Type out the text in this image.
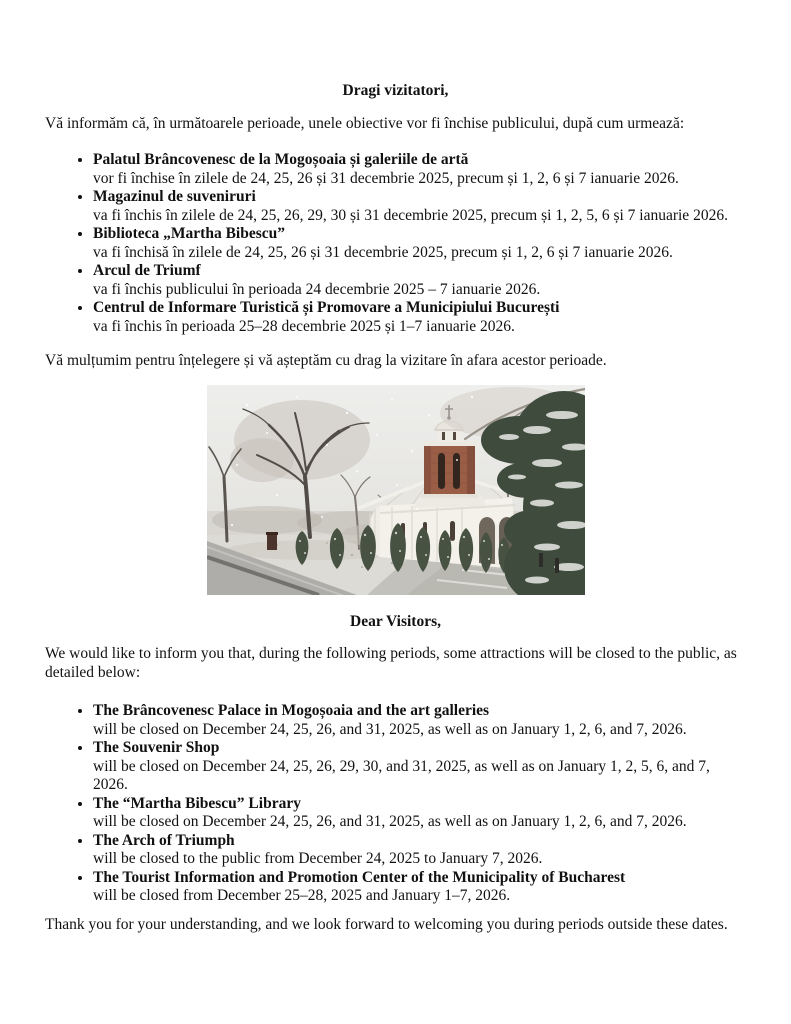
Dragi vizitatori,
Vă informăm că, în următoarele perioade, unele obiective vor fi închise publicului, după cum urmează:
• Palatul Brâncovenesc de la Mogoșoaia și galeriile de artă
vor fi închise în zilele de 24, 25, 26 și 31 decembrie 2025, precum și 1, 2, 6 și 7 ianuarie 2026.
• Magazinul de suveniruri
va fi închis în zilele de 24, 25, 26, 29, 30 și 31 decembrie 2025, precum și 1, 2, 5, 6 și 7 ianuarie 2026.
• Biblioteca „Martha Bibescu”
va fi închisă în zilele de 24, 25, 26 și 31 decembrie 2025, precum și 1, 2, 6 și 7 ianuarie 2026.
• Arcul de Triumf
va fi închis publicului în perioada 24 decembrie 2025 – 7 ianuarie 2026.
• Centrul de Informare Turistică și Promovare a Municipiului București
va fi închis în perioada 25–28 decembrie 2025 și 1–7 ianuarie 2026.
Vă mulțumim pentru înțelegere și vă așteptăm cu drag la vizitare în afara acestor perioade.
Dear Visitors,
We would like to inform you that, during the following periods, some attractions will be closed to the public, as detailed below:
• The Brâncovenesc Palace in Mogoșoaia and the art galleries
will be closed on December 24, 25, 26, and 31, 2025, as well as on January 1, 2, 6, and 7, 2026.
• The Souvenir Shop
will be closed on December 24, 25, 26, 29, 30, and 31, 2025, as well as on January 1, 2, 5, 6, and 7, 2026.
• The “Martha Bibescu” Library
will be closed on December 24, 25, 26, and 31, 2025, as well as on January 1, 2, 6, and 7, 2026.
• The Arch of Triumph
will be closed to the public from December 24, 2025 to January 7, 2026.
• The Tourist Information and Promotion Center of the Municipality of Bucharest
will be closed from December 25–28, 2025 and January 1–7, 2026.
Thank you for your understanding, and we look forward to welcoming you during periods outside these dates.
